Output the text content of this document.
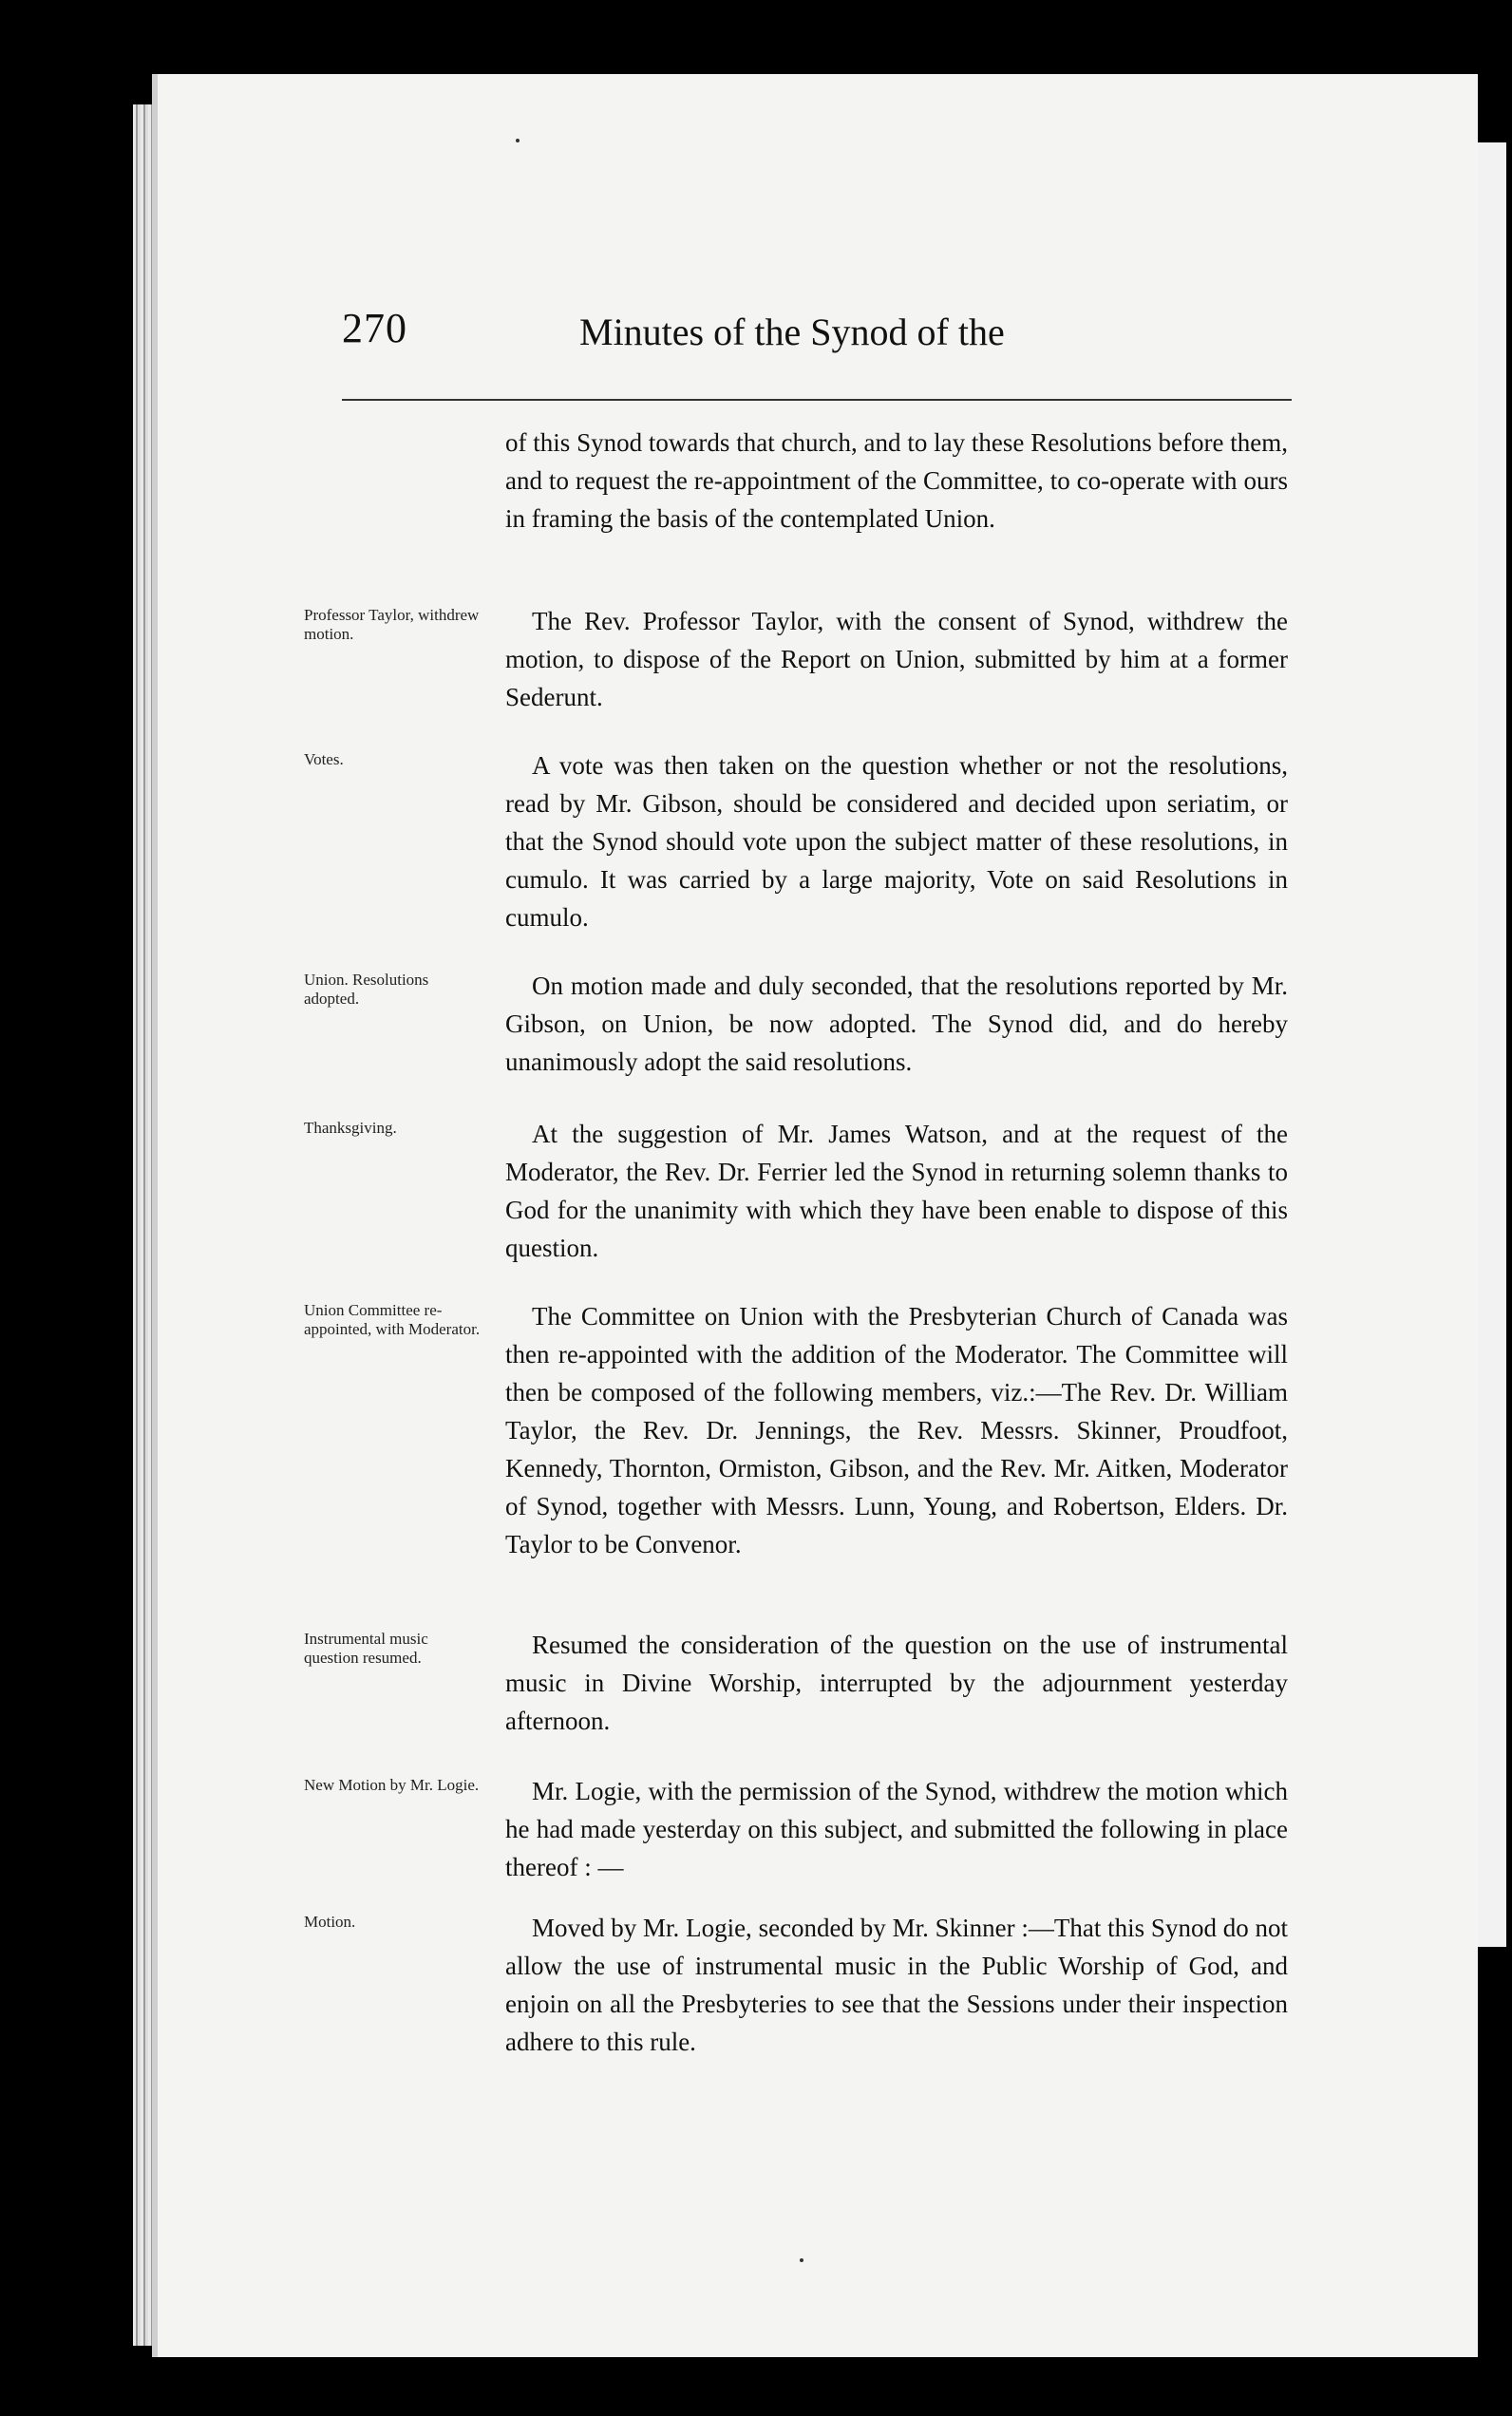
270	Minutes of the Synod of the
of this Synod towards that church, and to lay these Resolutions before them, and to request the re-appointment of the Committee, to co-operate with ours in framing the basis of the contemplated Union.
Professor Taylor, withdrew motion.	The Rev. Professor Taylor, with the consent of Synod, withdrew the motion, to dispose of the Report on Union, submitted by him at a former Sederunt.
Votes.	A vote was then taken on the question whether or not the resolutions, read by Mr. Gibson, should be considered and decided upon seriatim, or that the Synod should vote upon the subject matter of these resolutions, in cumulo. It was carried by a large majority, Vote on said Resolutions in cumulo.
Union. Resolutions adopted.	On motion made and duly seconded, that the resolutions reported by Mr. Gibson, on Union, be now adopted. The Synod did, and do hereby unanimously adopt the said resolutions.
Thanksgiving.	At the suggestion of Mr. James Watson, and at the request of the Moderator, the Rev. Dr. Ferrier led the Synod in returning solemn thanks to God for the unanimity with which they have been enable to dispose of this question.
Union Committee re-appointed, with Moderator.	The Committee on Union with the Presbyterian Church of Canada was then re-appointed with the addition of the Moderator. The Committee will then be composed of the following members, viz.:—The Rev. Dr. William Taylor, the Rev. Dr. Jennings, the Rev. Messrs. Skinner, Proudfoot, Kennedy, Thornton, Ormiston, Gibson, and the Rev. Mr. Aitken, Moderator of Synod, together with Messrs. Lunn, Young, and Robertson, Elders. Dr. Taylor to be Convenor.
Instrumental music question resumed.	Resumed the consideration of the question on the use of instrumental music in Divine Worship, interrupted by the adjournment yesterday afternoon.
New Motion by Mr. Logie.	Mr. Logie, with the permission of the Synod, withdrew the motion which he had made yesterday on this subject, and submitted the following in place thereof : —
Motion.	Moved by Mr. Logie, seconded by Mr. Skinner :—That this Synod do not allow the use of instrumental music in the Public Worship of God, and enjoin on all the Presbyteries to see that the Sessions under their inspection adhere to this rule.
